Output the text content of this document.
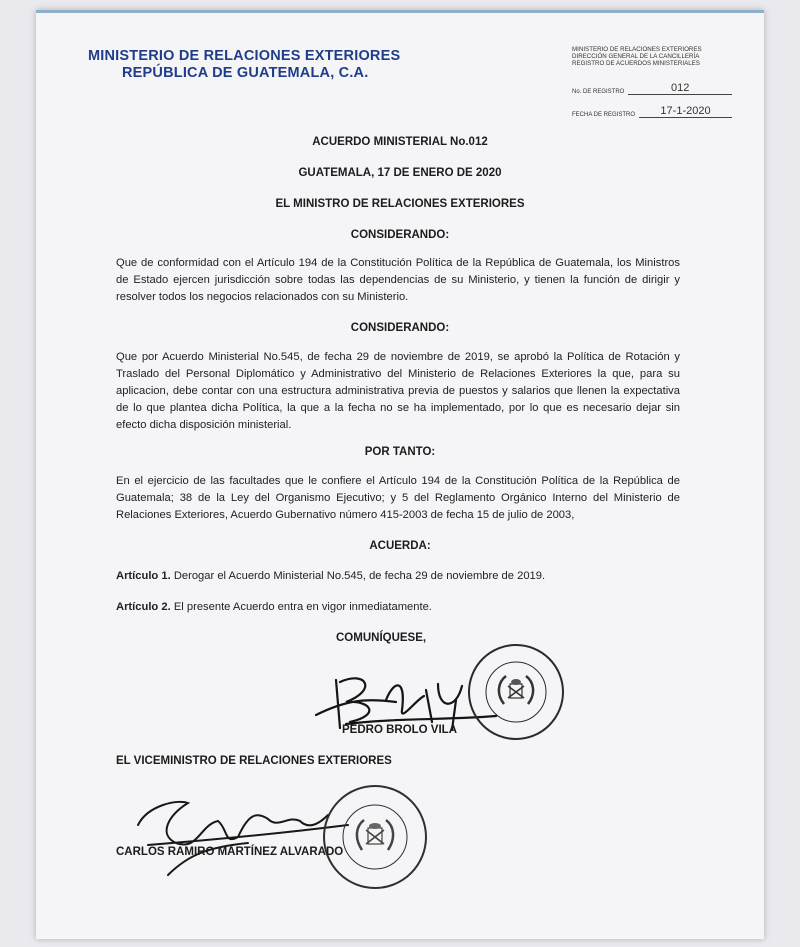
MINISTERIO DE RELACIONES EXTERIORES
REPÚBLICA DE GUATEMALA, C.A.
MINISTERIO DE RELACIONES EXTERIORES
DIRECCIÓN GENERAL DE LA CANCILLERÍA
REGISTRO DE ACUERDOS MINISTERIALES
No. DE REGISTRO	012
FECHA DE REGISTRO	17-1-2020
ACUERDO MINISTERIAL No.012
GUATEMALA, 17 DE ENERO DE 2020
EL MINISTRO DE RELACIONES EXTERIORES
CONSIDERANDO:
Que de conformidad con el Artículo 194 de la Constitución Política de la República de Guatemala, los Ministros de Estado ejercen jurisdicción sobre todas las dependencias de su Ministerio, y tienen la función de dirigir y resolver todos los negocios relacionados con su Ministerio.
CONSIDERANDO:
Que por Acuerdo Ministerial No.545, de fecha 29 de noviembre de 2019, se aprobó la Política de Rotación y Traslado del Personal Diplomático y Administrativo del Ministerio de Relaciones Exteriores la que, para su aplicacion, debe contar con una estructura administrativa previa de puestos y salarios que llenen la expectativa de lo que plantea dicha Política, la que a la fecha no se ha implementado, por lo que es necesario dejar sin efecto dicha disposición ministerial.
POR TANTO:
En el ejercicio de las facultades que le confiere el Artículo 194 de la Constitución Política de la República de Guatemala; 38 de la Ley del Organismo Ejecutivo; y 5 del Reglamento Orgánico Interno del Ministerio de Relaciones Exteriores, Acuerdo Gubernativo número 415-2003 de fecha 15 de julio de 2003,
ACUERDA:
Artículo 1. Derogar el Acuerdo Ministerial No.545, de fecha 29 de noviembre de 2019.
Artículo 2. El presente Acuerdo entra en vigor inmediatamente.
COMUNÍQUESE,
PEDRO BROLO VILA
EL VICEMINISTRO DE RELACIONES EXTERIORES
CARLOS RAMIRO MARTÍNEZ ALVARADO
